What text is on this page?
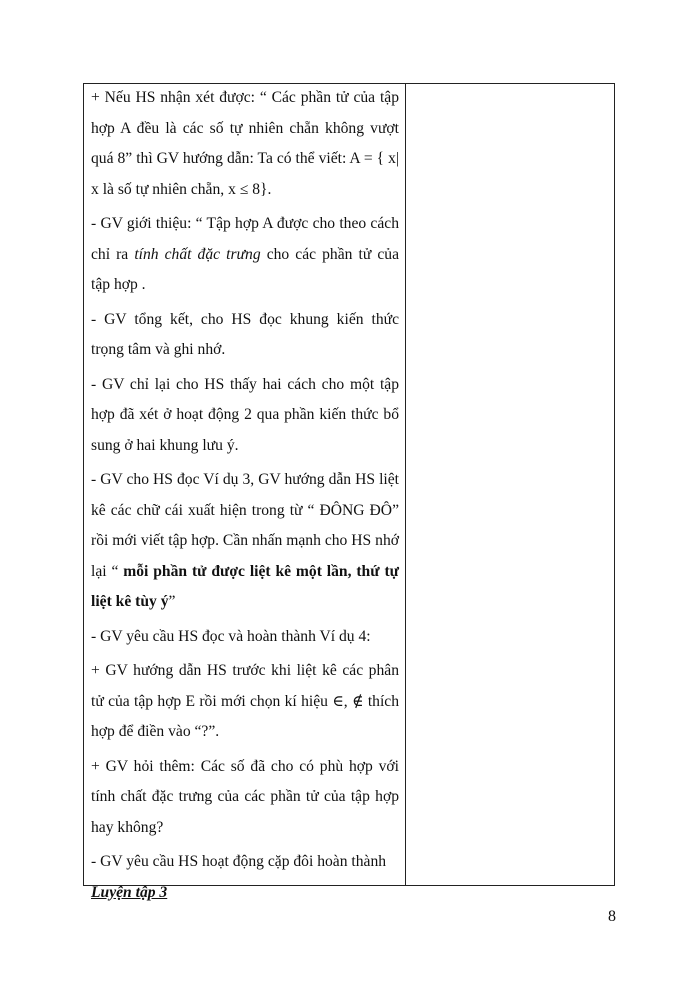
+ Nếu HS nhận xét được: “ Các phần tử của tập hợp A đều là các số tự nhiên chẵn không vượt quá 8” thì GV hướng dẫn: Ta có thể viết: A = { x| x là số tự nhiên chẵn, x ≤ 8}.

- GV giới thiệu: “ Tập hợp A được cho theo cách chỉ ra tính chất đặc trưng cho các phần tử của tập hợp .

- GV tổng kết, cho HS đọc khung kiến thức trọng tâm và ghi nhớ.

- GV chỉ lại cho HS thấy hai cách cho một tập hợp đã xét ở hoạt động 2 qua phần kiến thức bổ sung ở hai khung lưu ý.

- GV cho HS đọc Ví dụ 3, GV hướng dẫn HS liệt kê các chữ cái xuất hiện trong từ “ ĐÔNG ĐÔ” rồi mới viết tập hợp. Cần nhấn mạnh cho HS nhớ lại “ mỗi phần tử được liệt kê một lần, thứ tự liệt kê tùy ý”

- GV yêu cầu HS đọc và hoàn thành Ví dụ 4:

+ GV hướng dẫn HS trước khi liệt kê các phân tử của tập hợp E rồi mới chọn kí hiệu ∈, ∉ thích hợp để điền vào “?”.

+ GV hỏi thêm: Các số đã cho có phù hợp với tính chất đặc trưng của các phần tử của tập hợp hay không?

- GV yêu cầu HS hoạt động cặp đôi hoàn thành
Luyện tập 3

8
